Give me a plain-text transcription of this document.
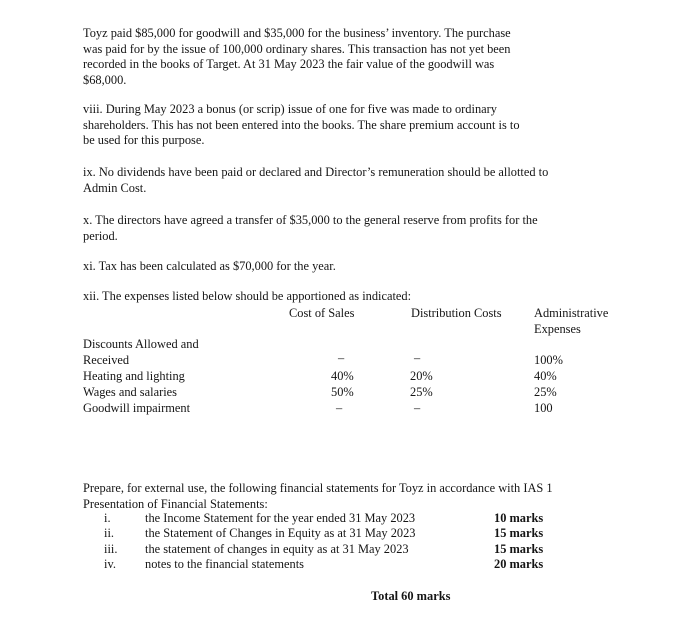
Toyz paid $85,000 for goodwill and $35,000 for the business’ inventory. The purchase
was paid for by the issue of 100,000 ordinary shares. This transaction has not yet been
recorded in the books of Target. At 31 May 2023 the fair value of the goodwill was
$68,000.
viii. During May 2023 a bonus (or scrip) issue of one for five was made to ordinary
shareholders. This has not been entered into the books. The share premium account is to
be used for this purpose.
ix. No dividends have been paid or declared and Director’s remuneration should be allotted to
Admin Cost.
x. The directors have agreed a transfer of $35,000 to the general reserve from profits for the
period.
xi. Tax has been calculated as $70,000 for the year.
xii. The expenses listed below should be apportioned as indicated:
Cost of Sales	Distribution Costs	Administrative
Expenses
Discounts Allowed and
Received	–	–	100%
Heating and lighting	40%	20%	40%
Wages and salaries	50%	25%	25%
Goodwill impairment	–	–	100
Prepare, for external use, the following financial statements for Toyz in accordance with IAS 1
Presentation of Financial Statements:
i.	the Income Statement for the year ended 31 May 2023	10 marks
ii.	the Statement of Changes in Equity as at 31 May 2023	15 marks
iii. the statement of changes in equity as at 31 May 2023	15 marks
iv. notes to the financial statements	20 marks
Total 60 marks
